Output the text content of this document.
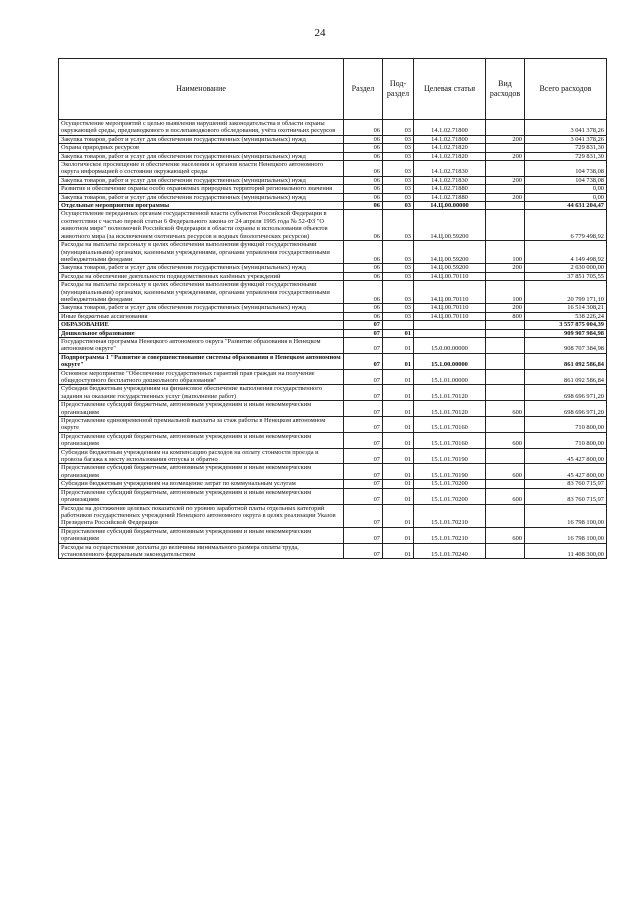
24
Наименование	Раздел	Под-раздел	Целевая статья	Вид расходов	Всего расходов
Осуществление мероприятий с целью выявления нарушений законодательства в области охраны окружающей среды, предпаводкового и послепаводкового обследования, учёта охотничьих ресурсов	06	03	14.1.02.71800		3 041 378,26
Закупка товаров, работ и услуг для обеспечения государственных (муниципальных) нужд	06	03	14.1.02.71800	200	3 041 378,26
Охрана природных ресурсов	06	03	14.1.02.71820		729 831,30
Закупка товаров, работ и услуг для обеспечения государственных (муниципальных) нужд	06	03	14.1.02.71820	200	729 831,30
Экологическое просвещение и обеспечение населения и органов власти Ненецкого автономного округа информацией о состоянии окружающей среды	06	03	14.1.02.71830		104 738,08
Закупка товаров, работ и услуг для обеспечения государственных (муниципальных) нужд	06	03	14.1.02.71830	200	104 738,08
Развитие и обеспечение охраны особо охраняемых природных территорий регионального значения	06	03	14.1.02.71880		0,00
Закупка товаров, работ и услуг для обеспечения государственных (муниципальных) нужд	06	03	14.1.02.71880	200	0,00
Отдельные мероприятия программы	06	03	14.Ц.00.00000		44 631 204,47
Осуществление переданных органам государственной власти субъектов Российской Федерации в соответствии с частью первой статьи 6 Федерального закона от 24 апреля 1995 года № 52-ФЗ "О животном мире" полномочий Российской Федерации в области охраны и использования объектов животного мира (за исключением охотничьих ресурсов и водных биологических ресурсов)	06	03	14.Ц.00.59200		6 779 498,92
Расходы на выплаты персоналу в целях обеспечения выполнения функций государственными (муниципальными) органами, казенными учреждениями, органами управления государственными внебюджетными фондами	06	03	14.Ц.00.59200	100	4 149 498,92
Закупка товаров, работ и услуг для обеспечения государственных (муниципальных) нужд	06	03	14.Ц.00.59200	200	2 630 000,00
Расходы на обеспечение деятельности подведомственных казённых учреждений	06	03	14.Ц.00.70110		37 851 705,55
Расходы на выплаты персоналу в целях обеспечения выполнения функций государственными (муниципальными) органами, казенными учреждениями, органами управления государственными внебюджетными фондами	06	03	14.Ц.00.70110	100	20 799 171,10
Закупка товаров, работ и услуг для обеспечения государственных (муниципальных) нужд	06	03	14.Ц.00.70110	200	16 514 308,21
Иные бюджетные ассигнования	06	03	14.Ц.00.70110	800	538 226,24
ОБРАЗОВАНИЕ	07				3 557 875 004,39
Дошкольное образование	07	01			909 907 984,98
Государственная программа Ненецкого автономного округа "Развитие образования в Ненецком автономном округе"	07	01	15.0.00.00000		908 707 384,98
Подпрограмма 1 "Развитие и совершенствование системы образования в Ненецком автономном округе"	07	01	15.1.00.00000		861 092 586,84
Основное мероприятие "Обеспечение государственных гарантий прав граждан на получение общедоступного бесплатного дошкольного образования"	07	01	15.1.01.00000		861 092 586,84
Субсидии бюджетным учреждениям на финансовое обеспечение выполнения государственного задания на оказание государственных услуг (выполнение работ)	07	01	15.1.01.70120		698 696 971,20
Предоставление субсидий бюджетным, автономным учреждениям и иным некоммерческим организациям	07	01	15.1.01.70120	600	698 696 971,20
Предоставление единовременной премиальной выплаты за стаж работы в Ненецком автономном округе	07	01	15.1.01.70160		710 800,00
Предоставление субсидий бюджетным, автономным учреждениям и иным некоммерческим организациям	07	01	15.1.01.70160	600	710 800,00
Субсидии бюджетным учреждениям на компенсацию расходов на оплату стоимости проезда и провоза багажа к месту использования отпуска и обратно	07	01	15.1.01.70190		45 427 800,00
Предоставление субсидий бюджетным, автономным учреждениям и иным некоммерческим организациям	07	01	15.1.01.70190	600	45 427 800,00
Субсидии бюджетным учреждениям на возмещение затрат по коммунальным услугам	07	01	15.1.01.70200		83 760 715,97
Предоставление субсидий бюджетным, автономным учреждениям и иным некоммерческим организациям	07	01	15.1.01.70200	600	83 760 715,97
Расходы на достижение целевых показателей по уровню заработной платы отдельных категорий работников государственных учреждений Ненецкого автономного округа в целях реализации Указов Президента Российской Федерации	07	01	15.1.01.70210		16 798 100,00
Предоставление субсидий бюджетным, автономным учреждениям и иным некоммерческим организациям	07	01	15.1.01.70210	600	16 798 100,00
Расходы на осуществление доплаты до величины минимального размера оплаты труда, установленного федеральным законодательством	07	01	15.1.01.70240		11 408 300,00
